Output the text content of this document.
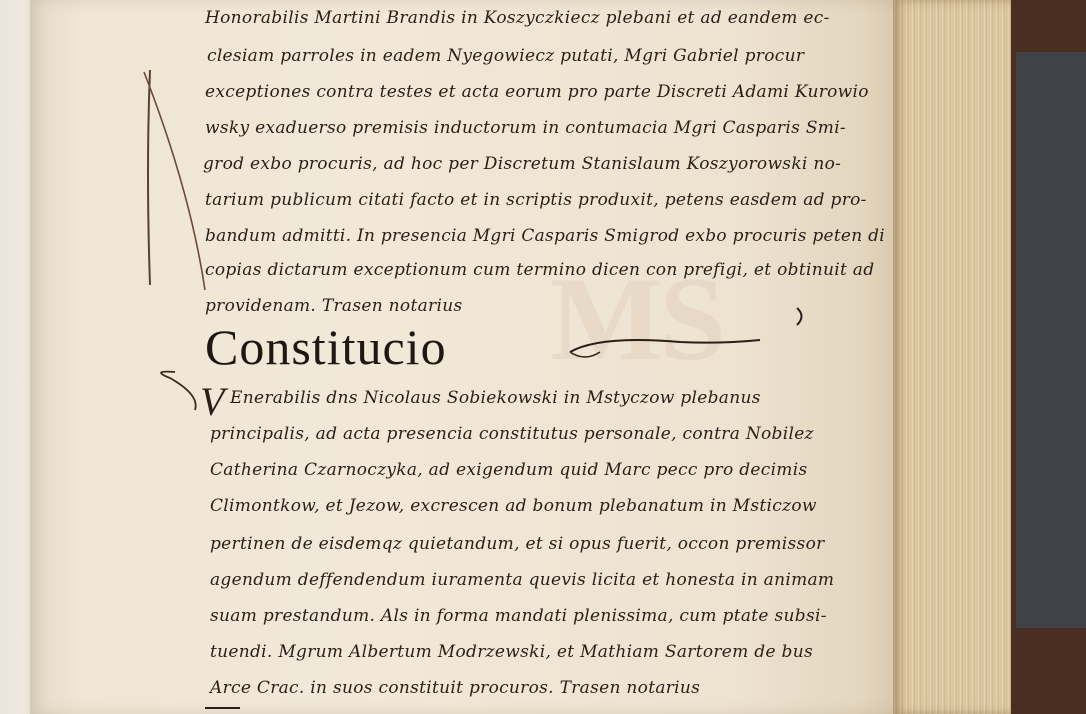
MS
Honorabilis Martini Brandis in Koszyczkiecz plebani et ad eandem ec-
clesiam parroles in eadem Nyegowiecz putati, Mgri Gabriel procur
exceptiones contra testes et acta eorum pro parte Discreti Adami Kurowio
wsky exaduerso premisis inductorum in contumacia Mgri Casparis Smi-
grod exbo procuris, ad hoc per Discretum Stanislaum Koszyorowski no-
tarium publicum citati facto et in scriptis produxit, petens easdem ad pro-
bandum admitti. In presencia Mgri Casparis Smigrod exbo procuris peten di
copias dictarum exceptionum cum termino dicen con prefigi, et obtinuit ad
providenam. Trasen notarius
Constitucio
V Enerabilis dns Nicolaus Sobiekowski in Mstyczow plebanus
principalis, ad acta presencia constitutus personale, contra Nobilez
Catherina Czarnoczyka, ad exigendum quid Marc pecc pro decimis
Climontkow, et Jezow, excrescen ad bonum plebanatum in Msticzow
pertinen de eisdemqz quietandum, et si opus fuerit, occon premissor
agendum deffendendum iuramenta quevis licita et honesta in animam
suam prestandum. Als in forma mandati plenissima, cum ptate subsi-
tuendi. Mgrum Albertum Modrzewski, et Mathiam Sartorem de bus
Arce Crac. in suos constituit procuros. Trasen notarius
